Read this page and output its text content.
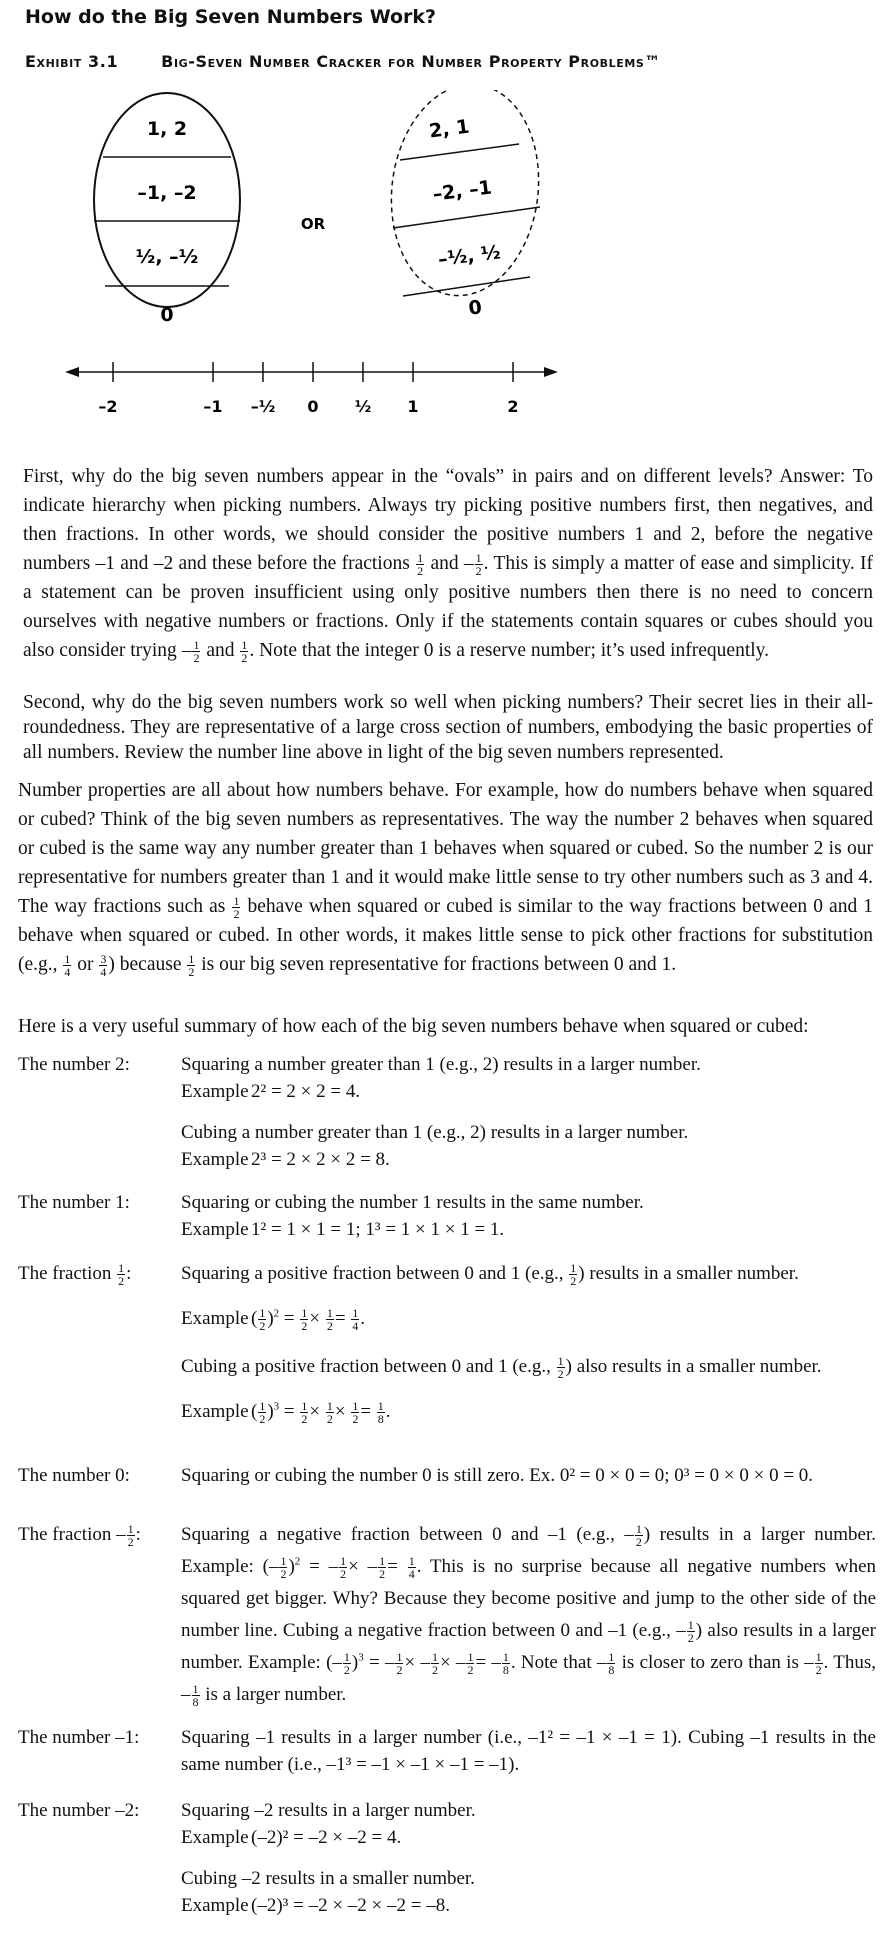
How do the Big Seven Numbers Work?
Exhibit 3.1	Big-Seven Number Cracker for Number Property Problems™
1, 2
–1, –2
½, –½
0
OR
2, 1
–2, –1
–½, ½
0
–2	–1 –½ 0 ½ 1	2

First, why do the big seven numbers appear in the “ovals” in pairs and on different levels? Answer: To indicate hierarchy when picking numbers. Always try picking positive numbers first, then negatives, and then fractions. In other words, we should consider the positive numbers 1 and 2, before the negative numbers –1 and –2 and these before the fractions $\frac{1}{2}$ and – $\frac{1}{2}$ . This is simply a matter of ease and simplicity. If a statement can be proven insufficient using only positive numbers then there is no need to concern ourselves with negative numbers or fractions. Only if the statements contain squares or cubes should you also consider trying – $\frac{1}{2}$ and $\frac{1}{2}$ . Note that the integer 0 is a reserve number; it’s used infrequently.

Second, why do the big seven numbers work so well when picking numbers? Their secret lies in their all-roundedness. They are representative of a large cross section of numbers, embodying the basic properties of all numbers. Review the number line above in light of the big seven numbers represented.

Number properties are all about how numbers behave. For example, how do numbers behave when squared or cubed? Think of the big seven numbers as representatives. The way the number 2 behaves when squared or cubed is the same way any number greater than 1 behaves when squared or cubed. So the number 2 is our representative for numbers greater than 1 and it would make little sense to try other numbers such as 3 and 4. The way fractions such as $\frac{1}{2}$ behave when squared or cubed is similar to the way fractions between 0 and 1 behave when squared or cubed. In other words, it makes little sense to pick other fractions for substitution (e.g., $\frac{1}{4}$ or $\frac{3}{4}$ ) because $\frac{1}{2}$ is our big seven representative for fractions between 0 and 1.

Here is a very useful summary of how each of the big seven numbers behave when squared or cubed:

The number 2:	Squaring a number greater than 1 (e.g., 2) results in a larger number.
Example 2² = 2 × 2 = 4.
Cubing a number greater than 1 (e.g., 2) results in a larger number.
Example 2³ = 2 × 2 × 2 = 8.
The number 1:	Squaring or cubing the number 1 results in the same number.
Example 1² = 1 × 1 = 1; 1³ = 1 × 1 × 1 = 1.
The fraction $\frac{1}{2}$ :	Squaring a positive fraction between 0 and 1 (e.g., $\frac{1}{2}$ ) results in a smaller number.
Example ( $\frac{1}{2} )^2 = \frac{1}{2} \times \frac{1}{2} = \frac{1}{4}$ .
Cubing a positive fraction between 0 and 1 (e.g., $\frac{1}{2}$ ) also results in a smaller number.
Example ( $\frac{1}{2} )^3 = \frac{1}{2} \times \frac{1}{2} \times \frac{1}{2} = \frac{1}{8}$ .
The number 0:	Squaring or cubing the number 0 is still zero. Ex. 0² = 0 × 0 = 0; 0³ = 0 × 0 × 0 = 0.
The fraction – $\frac{1}{2}$ :	Squaring a negative fraction between 0 and –1 (e.g., – $\frac{1}{2}$ ) results in a larger number. Example: (– $\frac{1}{2} )^2$ = – $\frac{1}{2}$ × – $\frac{1}{2} = \frac{1}{4}$ . This is no surprise because all negative numbers when squared get bigger. Why? Because they become positive and jump to the other side of the number line. Cubing a negative fraction between 0 and –1 (e.g., – $\frac{1}{2}$ ) also results in a larger number. Example: (– $\frac{1}{2} )^3$ = – $\frac{1}{2}$ × – $\frac{1}{2}$ × – $\frac{1}{2}$ = – $\frac{1}{8}$ . Note that – $\frac{1}{8}$ is closer to zero than is – $\frac{1}{2}$ . Thus, – $\frac{1}{8}$ is a larger number.
The number –1:	Squaring –1 results in a larger number (i.e., –1² = –1 × –1 = 1). Cubing –1 results in the same number (i.e., –1³ = –1 × –1 × –1 = –1).
The number –2:	Squaring –2 results in a larger number.
Example (–2)² = –2 × –2 = 4.
Cubing –2 results in a smaller number.
Example (–2)³ = –2 × –2 × –2 = –8.
